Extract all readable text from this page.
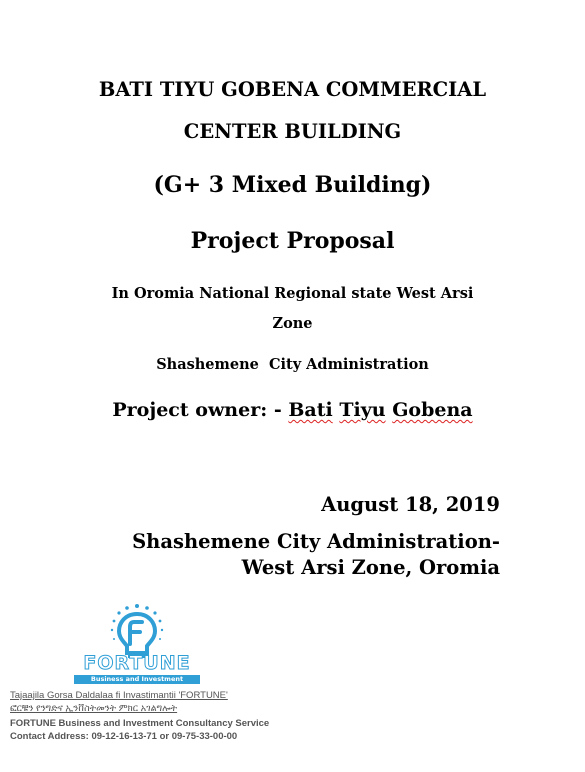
BATI TIYU GOBENA COMMERCIAL
CENTER BUILDING
(G+ 3 Mixed Building)
Project Proposal
In Oromia National Regional state West Arsi
Zone
Shashemene  City Administration
Project owner: - Bati Tiyu Gobena
August 18, 2019
Shashemene City Administration-
West Arsi Zone, Oromia
FORTUNE
Business and Investment Consultancy
Tajaajila Gorsa Daldalaa fi Invastimantii 'FORTUNE'
ፎርቹን የንግድና ኢንቨስትመንት ምክር አገልግሎት
FORTUNE Business and Investment Consultancy Service
Contact Address: 09-12-16-13-71 or 09-75-33-00-00
